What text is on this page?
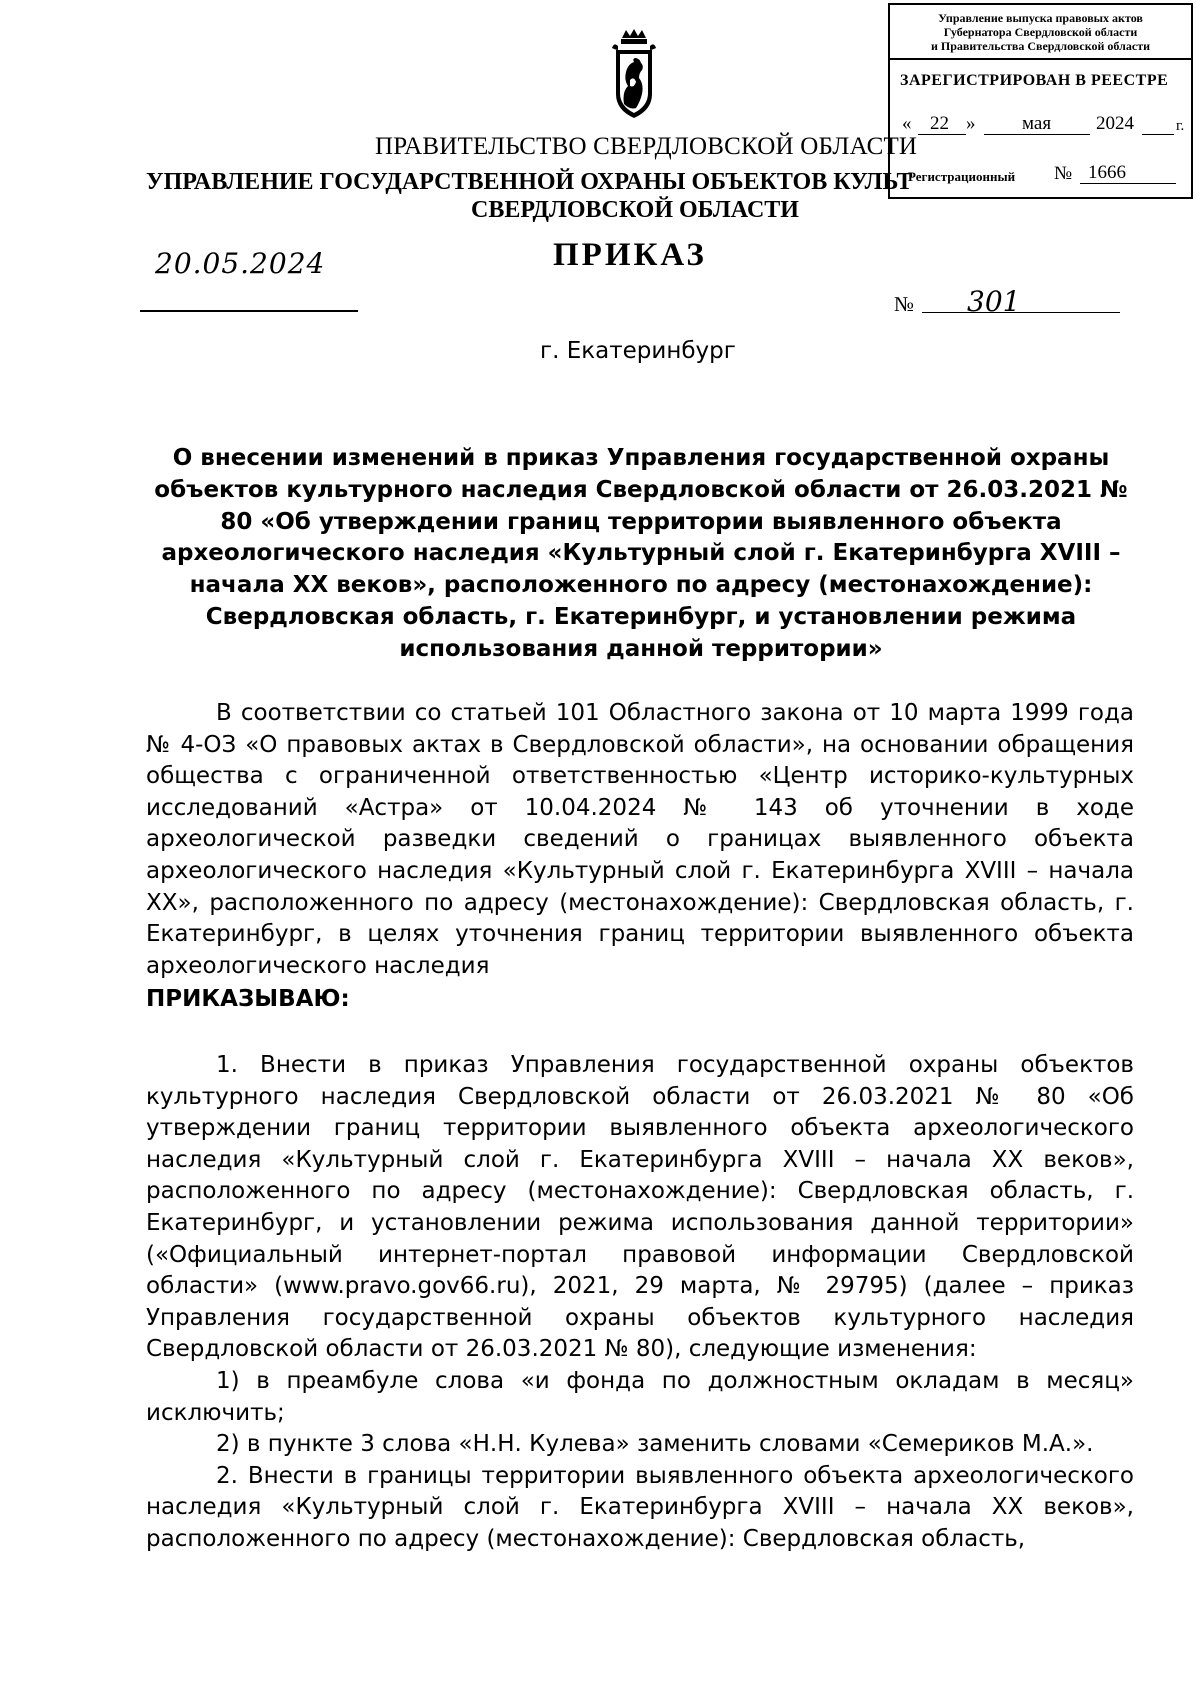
Управление выпуска правовых актов
Губернатора Свердловской области
и Правительства Свердловской области
ЗАРЕГИСТРИРОВАН В РЕЕСТРЕ
« 22 » мая 2024	г.
Регистрационный № 1666
ПРАВИТЕЛЬСТВО СВЕРДЛОВСКОЙ ОБЛАСТИ
УПРАВЛЕНИЕ ГОСУДАРСТВЕННОЙ ОХРАНЫ ОБЪЕКТОВ КУЛЬТ
СВЕРДЛОВСКОЙ ОБЛАСТИ
ПРИКАЗ
20.05.2024
№ 301
г. Екатеринбург
О внесении изменений в приказ Управления государственной охраны объектов культурного наследия Свердловской области от 26.03.2021 № 80 «Об утверждении границ территории выявленного объекта археологического наследия «Культурный слой г. Екатеринбурга XVIII – начала XX веков», расположенного по адресу (местонахождение): Свердловская область, г. Екатеринбург, и установлении режима использования данной территории»

В соответствии со статьей 101 Областного закона от 10 марта 1999 года № 4-ОЗ «О правовых актах в Свердловской области», на основании обращения общества с ограниченной ответственностью «Центр историко-культурных исследований «Астра» от 10.04.2024 № 143 об уточнении в ходе археологической разведки сведений о границах выявленного объекта археологического наследия «Культурный слой г. Екатеринбурга XVIII – начала XX», расположенного по адресу (местонахождение): Свердловская область, г. Екатеринбург, в целях уточнения границ территории выявленного объекта археологического наследия

ПРИКАЗЫВАЮ:

1. Внести в приказ Управления государственной охраны объектов культурного наследия Свердловской области от 26.03.2021 № 80 «Об утверждении границ территории выявленного объекта археологического наследия «Культурный слой г. Екатеринбурга XVIII – начала XX веков», расположенного по адресу (местонахождение): Свердловская область, г. Екатеринбург, и установлении режима использования данной территории» («Официальный интернет-портал правовой информации Свердловской области» (www.pravo.gov66.ru), 2021, 29 марта, № 29795) (далее – приказ Управления государственной охраны объектов культурного наследия Свердловской области от 26.03.2021 № 80), следующие изменения:

1) в преамбуле слова «и фонда по должностным окладам в месяц» исключить;

2) в пункте 3 слова «Н.Н. Кулева» заменить словами «Семериков М.А.».

2. Внести в границы территории выявленного объекта археологического наследия «Культурный слой г. Екатеринбурга XVIII – начала XX веков», расположенного по адресу (местонахождение): Свердловская область,
